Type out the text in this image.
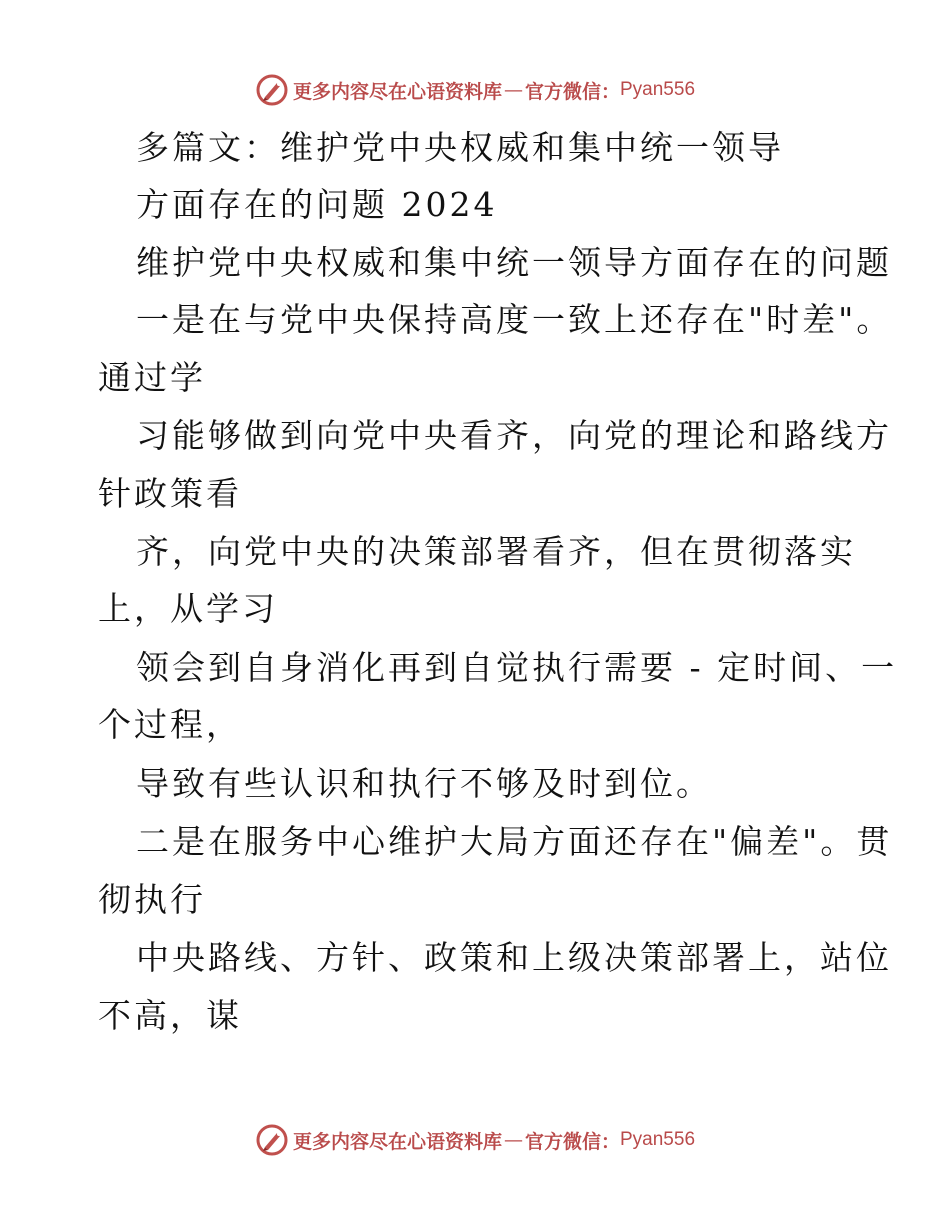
更多内容尽在心语资料库 — 官方微信： Pyan556
多篇文：维护党中央权威和集中统一领导
方面存在的问题 2024
维护党中央权威和集中统一领导方面存在的问题
一是在与党中央保持高度一致上还存在"时差"。
通过学
习能够做到向党中央看齐，向党的理论和路线方
针政策看
齐，向党中央的决策部署看齐，但在贯彻落实
上，从学习
领会到自身消化再到自觉执行需要 - 定时间、一
个过程，
导致有些认识和执行不够及时到位。
二是在服务中心维护大局方面还存在"偏差"。贯
彻执行
中央路线、方针、政策和上级决策部署上，站位
不高，谋
更多内容尽在心语资料库 — 官方微信： Pyan556
